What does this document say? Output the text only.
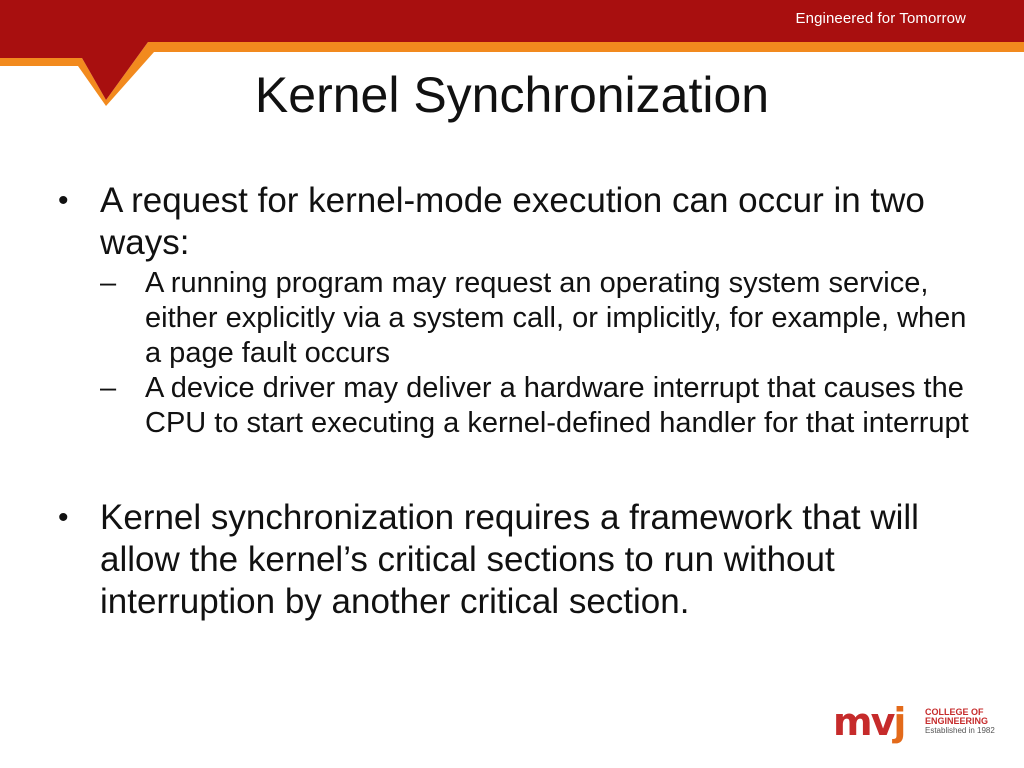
Engineered for Tomorrow
Kernel Synchronization
• A request for kernel-mode execution can occur in two ways:
– A running program may request an operating system service, either explicitly via a system call, or implicitly, for example, when a page fault occurs
– A device driver may deliver a hardware interrupt that causes the CPU to start executing a kernel-defined handler for that interrupt
• Kernel synchronization requires a framework that will allow the kernel’s critical sections to run without interruption by another critical section.
mvj COLLEGE OF
ENGINEERING
Established in 1982
